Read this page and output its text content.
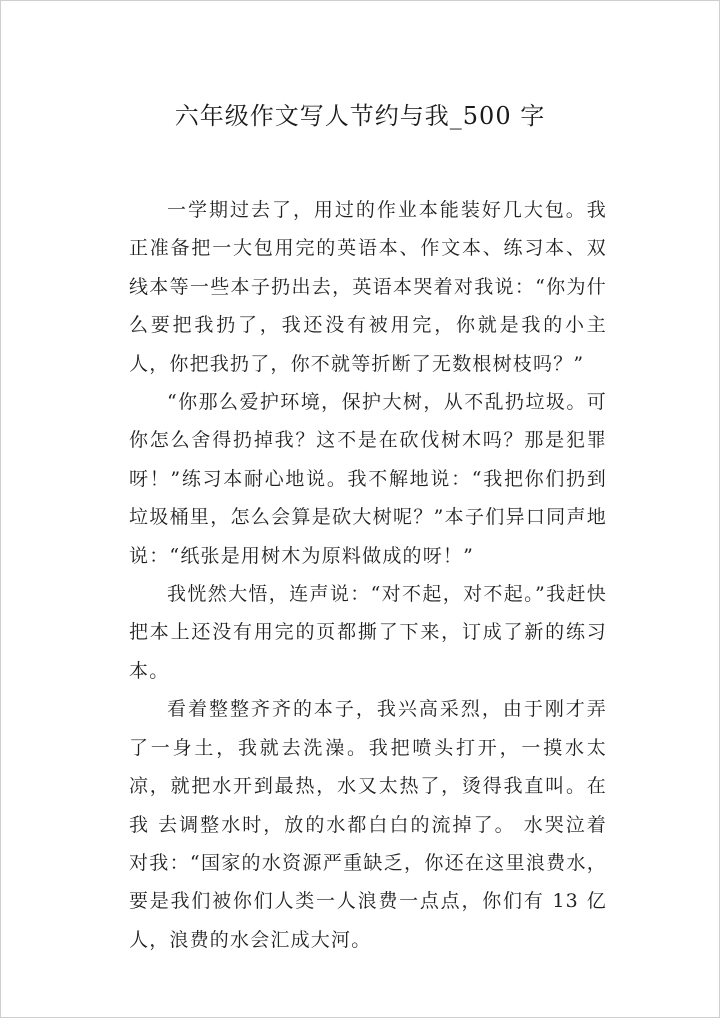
六年级作文写人节约与我_500 字

一学期过去了，用过的作业本能装好几大包。我正准备把一大包用完的英语本、作文本、练习本、双线本等一些本子扔出去，英语本哭着对我说：“你为什么要把我扔了，我还没有被用完，你就是我的小主人，你把我扔了，你不就等折断了无数根树枝吗？”

“你那么爱护环境，保护大树，从不乱扔垃圾。可你怎么舍得扔掉我？这不是在砍伐树木吗？那是犯罪呀！”练习本耐心地说。我不解地说：“我把你们扔到垃圾桶里，怎么会算是砍大树呢？”本子们异口同声地说：“纸张是用树木为原料做成的呀！”

我恍然大悟，连声说：“对不起，对不起。”我赶快把本上还没有用完的页都撕了下来，订成了新的练习本。

看着整整齐齐的本子，我兴高采烈，由于刚才弄了一身土，我就去洗澡。我把喷头打开，一摸水太凉，就把水开到最热，水又太热了，烫得我直叫。在我 去调整水时，放的水都白白的流掉了。 水哭泣着对我：“国家的水资源严重缺乏，你还在这里浪费水，要是我们被你们人类一人浪费一点点，你们有 13 亿人，浪费的水会汇成大河。
